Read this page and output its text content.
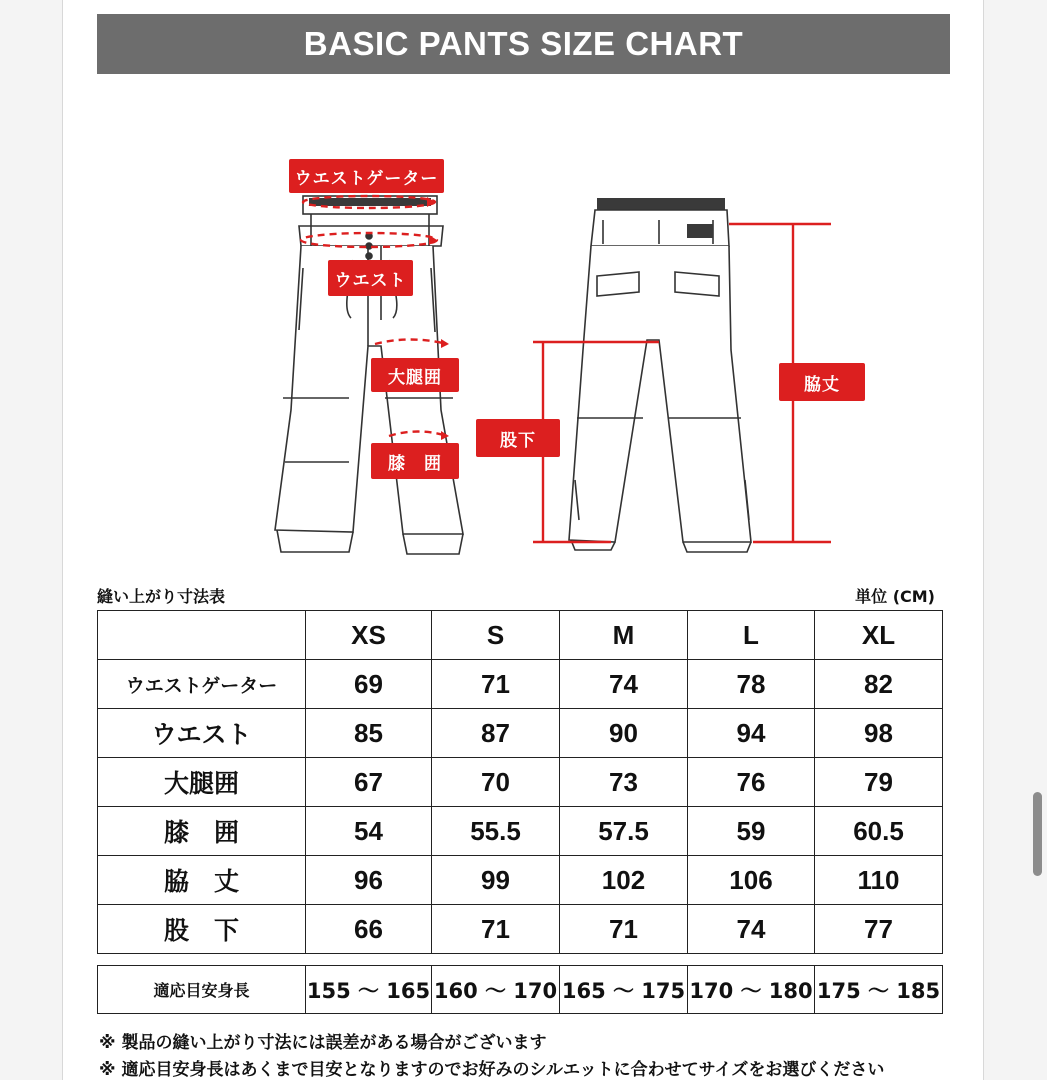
BASIC PANTS SIZE CHART
ウエストゲーター
ウエスト
大腿囲
膝　囲
股下
脇丈
縫い上がり寸法表	単位 (CM)
	XS	S	M	L	XL
ウエストゲーター	69	71	74	78	82
ウエスト	85	87	90	94	98
大腿囲	67	70	73	76	79
膝　囲	54	55.5	57.5	59	60.5
脇　丈	96	99	102	106	110
股　下	66	71	71	74	77
適応目安身長	155 〜 165	160 〜 170	165 〜 175	170 〜 180	175 〜 185
※ 製品の縫い上がり寸法には誤差がある場合がございます
※ 適応目安身長はあくまで目安となりますのでお好みのシルエットに合わせてサイズをお選びください
